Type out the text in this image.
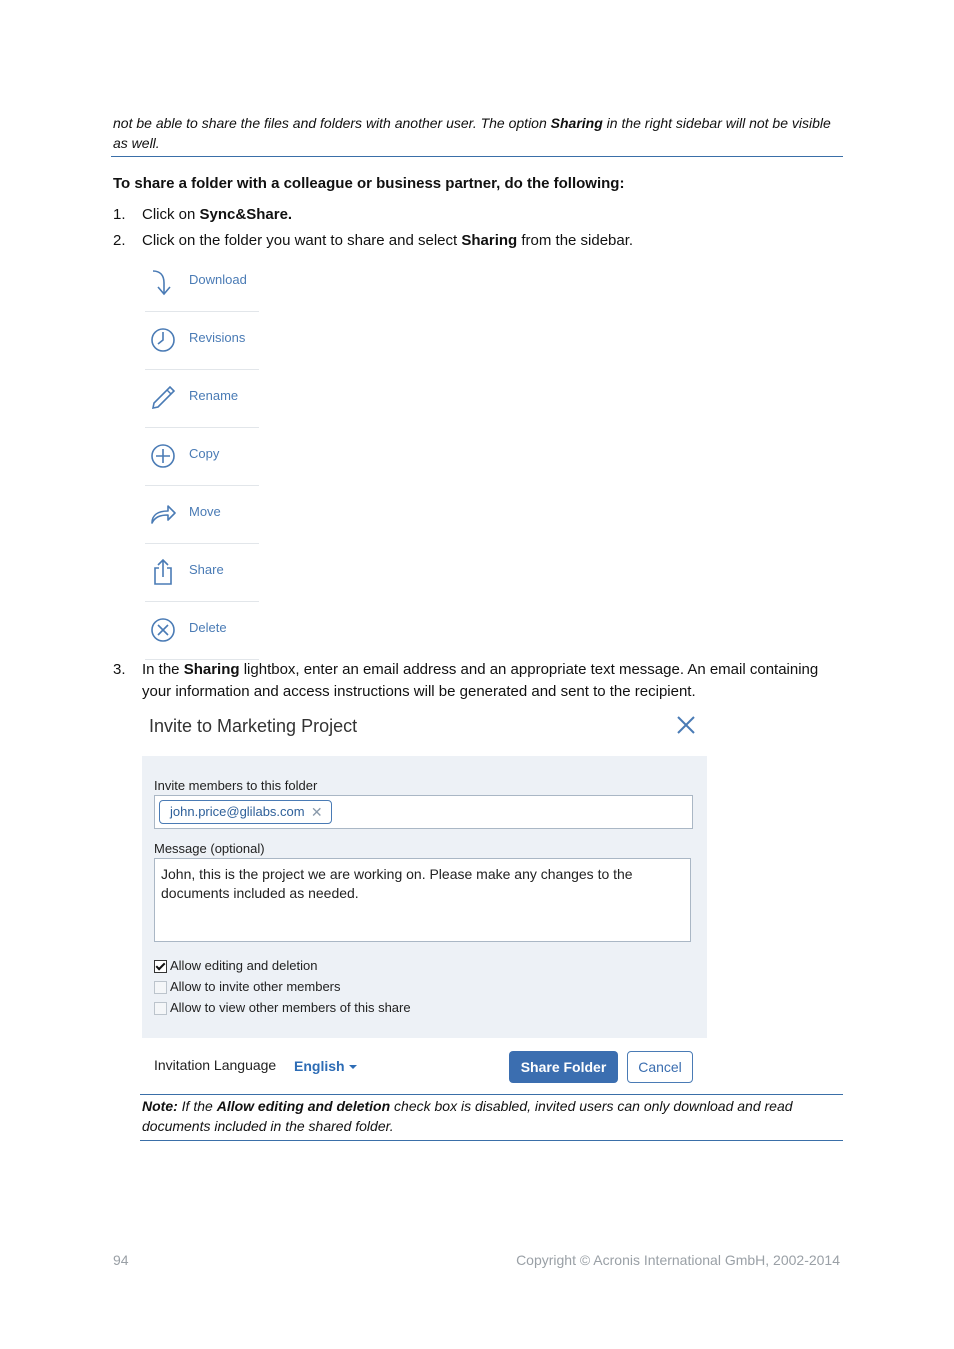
not be able to share the files and folders with another user. The option Sharing in the right sidebar will not be visible as well.
To share a folder with a colleague or business partner, do the following:
1. Click on Sync&Share.
2. Click on the folder you want to share and select Sharing from the sidebar.
Download
Revisions
Rename
Copy
Move
Share
Delete
3. In the Sharing lightbox, enter an email address and an appropriate text message. An email containing your information and access instructions will be generated and sent to the recipient.
Invite to Marketing Project
Invite members to this folder
john.price@glilabs.com ✕
Message (optional)
John, this is the project we are working on. Please make any changes to the documents included as needed.
Allow editing and deletion
Allow to invite other members
Allow to view other members of this share
Invitation Language English	Share Folder	Cancel
Note: If the Allow editing and deletion check box is disabled, invited users can only download and read documents included in the shared folder.
94	Copyright © Acronis International GmbH, 2002-2014
